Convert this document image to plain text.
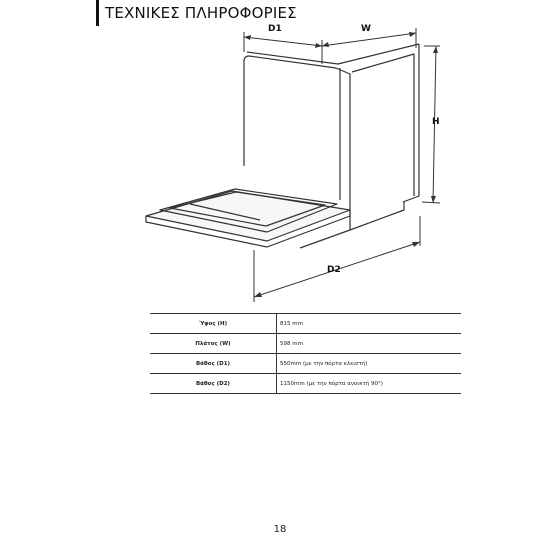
ΤΕΧΝΙΚΕΣ ΠΛΗΡΟΦΟΡΙΕΣ
D1	W
H
D2
Ύψος (H)	815 mm
Πλάτος (W)	598 mm
Βάθος (D1)	550mm (με την πόρτα κλειστή)
Βάθος (D2)	1150mm (με την πόρτα ανοικτή 90°)
18
